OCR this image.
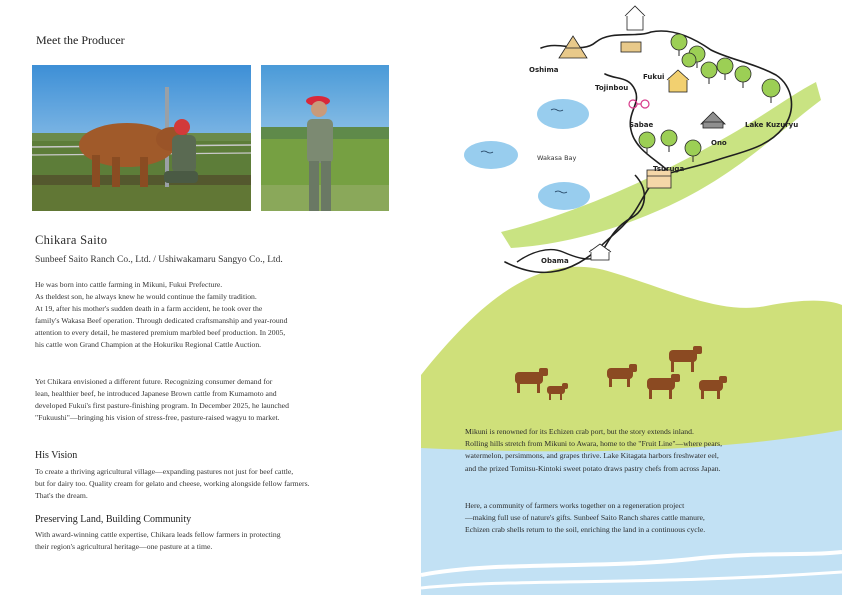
Meet the Producer
Chikara Saito
Sunbeef Saito Ranch Co., Ltd. / Ushiwakamaru Sangyo Co., Ltd.
He was born into cattle farming in Mikuni, Fukui Prefecture.
As theldest son, he always knew he would continue the family tradition.
At 19, after his mother's sudden death in a farm accident, he took over the
family's Wakasa Beef operation. Through dedicated craftsmanship and year-round
attention to every detail, he mastered premium marbled beef production. In 2005,
his cattle won Grand Champion at the Hokuriku Regional Cattle Auction.
Yet Chikara envisioned a different future. Recognizing consumer demand for
lean, healthier beef, he introduced Japanese Brown cattle from Kumamoto and
developed Fukui's first pasture-finishing program. In December 2025, he launched
"Fukuushi"—bringing his vision of stress-free, pasture-raised wagyu to market.
His Vision
To create a thriving agricultural village—expanding pastures not just for beef cattle,
but for dairy too. Quality cream for gelato and cheese, working alongside fellow farmers.
That's the dream.
Preserving Land, Building Community
With award-winning cattle expertise, Chikara leads fellow farmers in protecting
their region's agricultural heritage—one pasture at a time.
Oshima
Fukui
Tojinbou
Sabae	Lake Kuzuryu
Ono
Wakasa Bay
Tsuruga
Obama
Mikuni is renowned for its Echizen crab port, but the story extends inland.
Rolling hills stretch from Mikuni to Awara, home to the "Fruit Line"—where pears,
watermelon, persimmons, and grapes thrive. Lake Kitagata harbors freshwater eel,
and the prized Tomitsu-Kintoki sweet potato draws pastry chefs from across Japan.
Here, a community of farmers works together on a regeneration project
—making full use of nature's gifts. Sunbeef Saito Ranch shares cattle manure,
Echizen crab shells return to the soil, enriching the land in a continuous cycle.
